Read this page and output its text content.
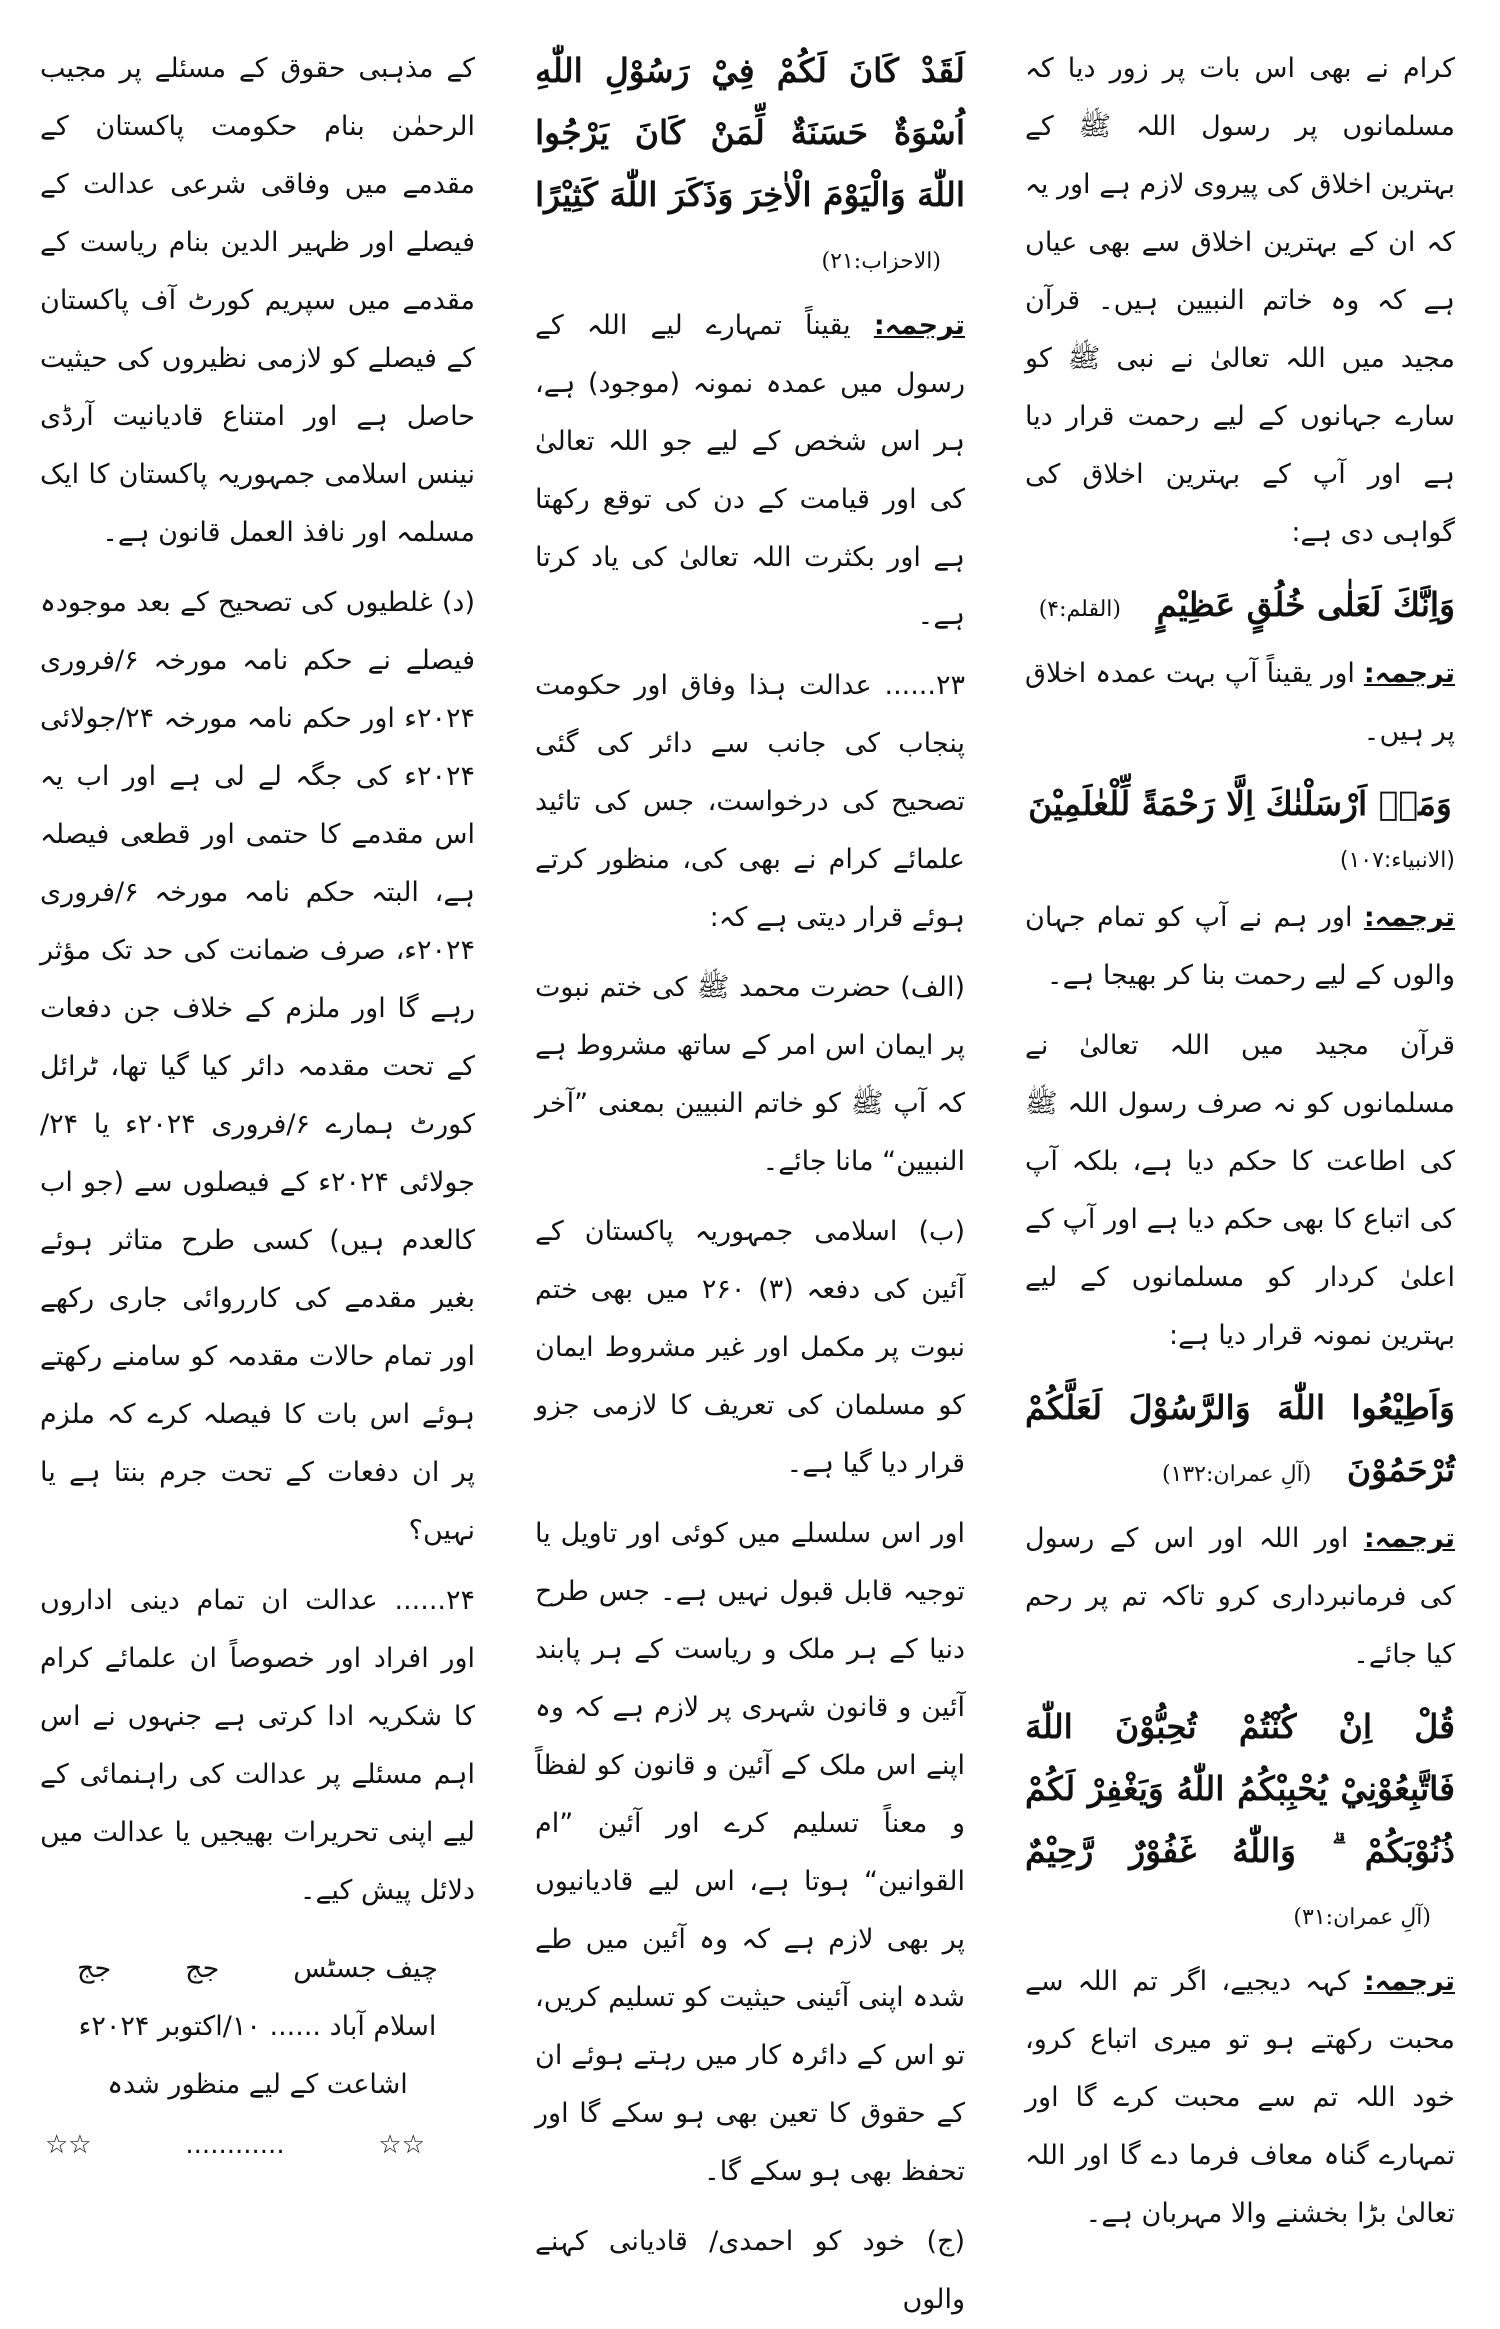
کرام نے بھی اس بات پر زور دیا کہ مسلمانوں پر رسول اللہ ﷺ کے بہترین اخلاق کی پیروی لازم ہے اور یہ کہ ان کے بہترین اخلاق سے بھی عیاں ہے کہ وہ خاتم النبیین ہیں۔ قرآن مجید میں اللہ تعالیٰ نے نبی ﷺ کو سارے جہانوں کے لیے رحمت قرار دیا ہے اور آپ کے بہترین اخلاق کی گواہی دی ہے:

وَاِنَّكَ لَعَلٰى خُلُقٍ عَظِيْمٍ (القلم:۴)

ترجمہ: اور یقیناً آپ بہت عمدہ اخلاق پر ہیں۔

وَمَاۤ اَرْسَلْنٰكَ اِلَّا رَحْمَةً لِّلْعٰلَمِيْنَ

(الانبیاء:۱۰۷)

ترجمہ: اور ہم نے آپ کو تمام جہان والوں کے لیے رحمت بنا کر بھیجا ہے۔

قرآن مجید میں اللہ تعالیٰ نے مسلمانوں کو نہ صرف رسول اللہ ﷺ کی اطاعت کا حکم دیا ہے، بلکہ آپ کی اتباع کا بھی حکم دیا ہے اور آپ کے اعلیٰ کردار کو مسلمانوں کے لیے بہترین نمونہ قرار دیا ہے:

وَاَطِيْعُوا اللّٰهَ وَالرَّسُوْلَ لَعَلَّكُمْ تُرْحَمُوْنَ (آلِ عمران:۱۳۲)

ترجمہ: اور اللہ اور اس کے رسول کی فرمانبرداری کرو تاکہ تم پر رحم کیا جائے۔

قُلْ اِنْ كُنْتُمْ تُحِبُّوْنَ اللّٰهَ فَاتَّبِعُوْنِيْ يُحْبِبْكُمُ اللّٰهُ وَيَغْفِرْ لَكُمْ ذُنُوْبَكُمْ ۗ وَاللّٰهُ غَفُوْرٌ رَّحِيْمٌ (آلِ عمران:۳۱)

ترجمہ: کہہ دیجیے، اگر تم اللہ سے محبت رکھتے ہو تو میری اتباع کرو، خود اللہ تم سے محبت کرے گا اور تمہارے گناہ معاف فرما دے گا اور اللہ تعالیٰ بڑا بخشنے والا مہربان ہے۔

لَقَدْ كَانَ لَكُمْ فِيْ رَسُوْلِ اللّٰهِ اُسْوَةٌ حَسَنَةٌ لِّمَنْ كَانَ يَرْجُوا اللّٰهَ وَالْيَوْمَ الْاٰخِرَ وَذَكَرَ اللّٰهَ كَثِيْرًا (الاحزاب:۲۱)

ترجمہ: یقیناً تمہارے لیے اللہ کے رسول میں عمدہ نمونہ (موجود) ہے، ہر اس شخص کے لیے جو اللہ تعالیٰ کی اور قیامت کے دن کی توقع رکھتا ہے اور بکثرت اللہ تعالیٰ کی یاد کرتا ہے۔

۲۳...... عدالت ہذا وفاق اور حکومت پنجاب کی جانب سے دائر کی گئی تصحیح کی درخواست، جس کی تائید علمائے کرام نے بھی کی، منظور کرتے ہوئے قرار دیتی ہے کہ:

(الف) حضرت محمد ﷺ کی ختم نبوت پر ایمان اس امر کے ساتھ مشروط ہے کہ آپ ﷺ کو خاتم النبیین بمعنی ”آخر النبیین“ مانا جائے۔

(ب) اسلامی جمہوریہ پاکستان کے آئین کی دفعہ (۳) ۲۶۰ میں بھی ختم نبوت پر مکمل اور غیر مشروط ایمان کو مسلمان کی تعریف کا لازمی جزو قرار دیا گیا ہے۔

اور اس سلسلے میں کوئی اور تاویل یا توجیہ قابل قبول نہیں ہے۔ جس طرح دنیا کے ہر ملک و ریاست کے ہر پابند آئین و قانون شہری پر لازم ہے کہ وہ اپنے اس ملک کے آئین و قانون کو لفظاً و معناً تسلیم کرے اور آئین ”ام القوانین“ ہوتا ہے، اس لیے قادیانیوں پر بھی لازم ہے کہ وہ آئین میں طے شدہ اپنی آئینی حیثیت کو تسلیم کریں، تو اس کے دائرہ کار میں رہتے ہوئے ان کے حقوق کا تعین بھی ہو سکے گا اور تحفظ بھی ہو سکے گا۔

(ج) خود کو احمدی/ قادیانی کہنے والوں

کے مذہبی حقوق کے مسئلے پر مجیب الرحمٰن بنام حکومت پاکستان کے مقدمے میں وفاقی شرعی عدالت کے فیصلے اور ظہیر الدین بنام ریاست کے مقدمے میں سپریم کورٹ آف پاکستان کے فیصلے کو لازمی نظیروں کی حیثیت حاصل ہے اور امتناع قادیانیت آرڈی نینس اسلامی جمہوریہ پاکستان کا ایک مسلمہ اور نافذ العمل قانون ہے۔

(د) غلطیوں کی تصحیح کے بعد موجودہ فیصلے نے حکم نامہ مورخہ ۶/فروری ۲۰۲۴ء اور حکم نامہ مورخہ ۲۴/جولائی ۲۰۲۴ء کی جگہ لے لی ہے اور اب یہ اس مقدمے کا حتمی اور قطعی فیصلہ ہے، البتہ حکم نامہ مورخہ ۶/فروری ۲۰۲۴ء، صرف ضمانت کی حد تک مؤثر رہے گا اور ملزم کے خلاف جن دفعات کے تحت مقدمہ دائر کیا گیا تھا، ٹرائل کورٹ ہمارے ۶/فروری ۲۰۲۴ء یا ۲۴/جولائی ۲۰۲۴ء کے فیصلوں سے (جو اب کالعدم ہیں) کسی طرح متاثر ہوئے بغیر مقدمے کی کارروائی جاری رکھے اور تمام حالات مقدمہ کو سامنے رکھتے ہوئے اس بات کا فیصلہ کرے کہ ملزم پر ان دفعات کے تحت جرم بنتا ہے یا نہیں؟

۲۴...... عدالت ان تمام دینی اداروں اور افراد اور خصوصاً ان علمائے کرام کا شکریہ ادا کرتی ہے جنہوں نے اس اہم مسئلے پر عدالت کی راہنمائی کے لیے اپنی تحریرات بھیجیں یا عدالت میں دلائل پیش کیے۔

چیف جسٹس
جج
جج

اسلام آباد ...... ۱۰/اکتوبر ۲۰۲۴ء

اشاعت کے لیے منظور شدہ

☆☆	............	☆☆
